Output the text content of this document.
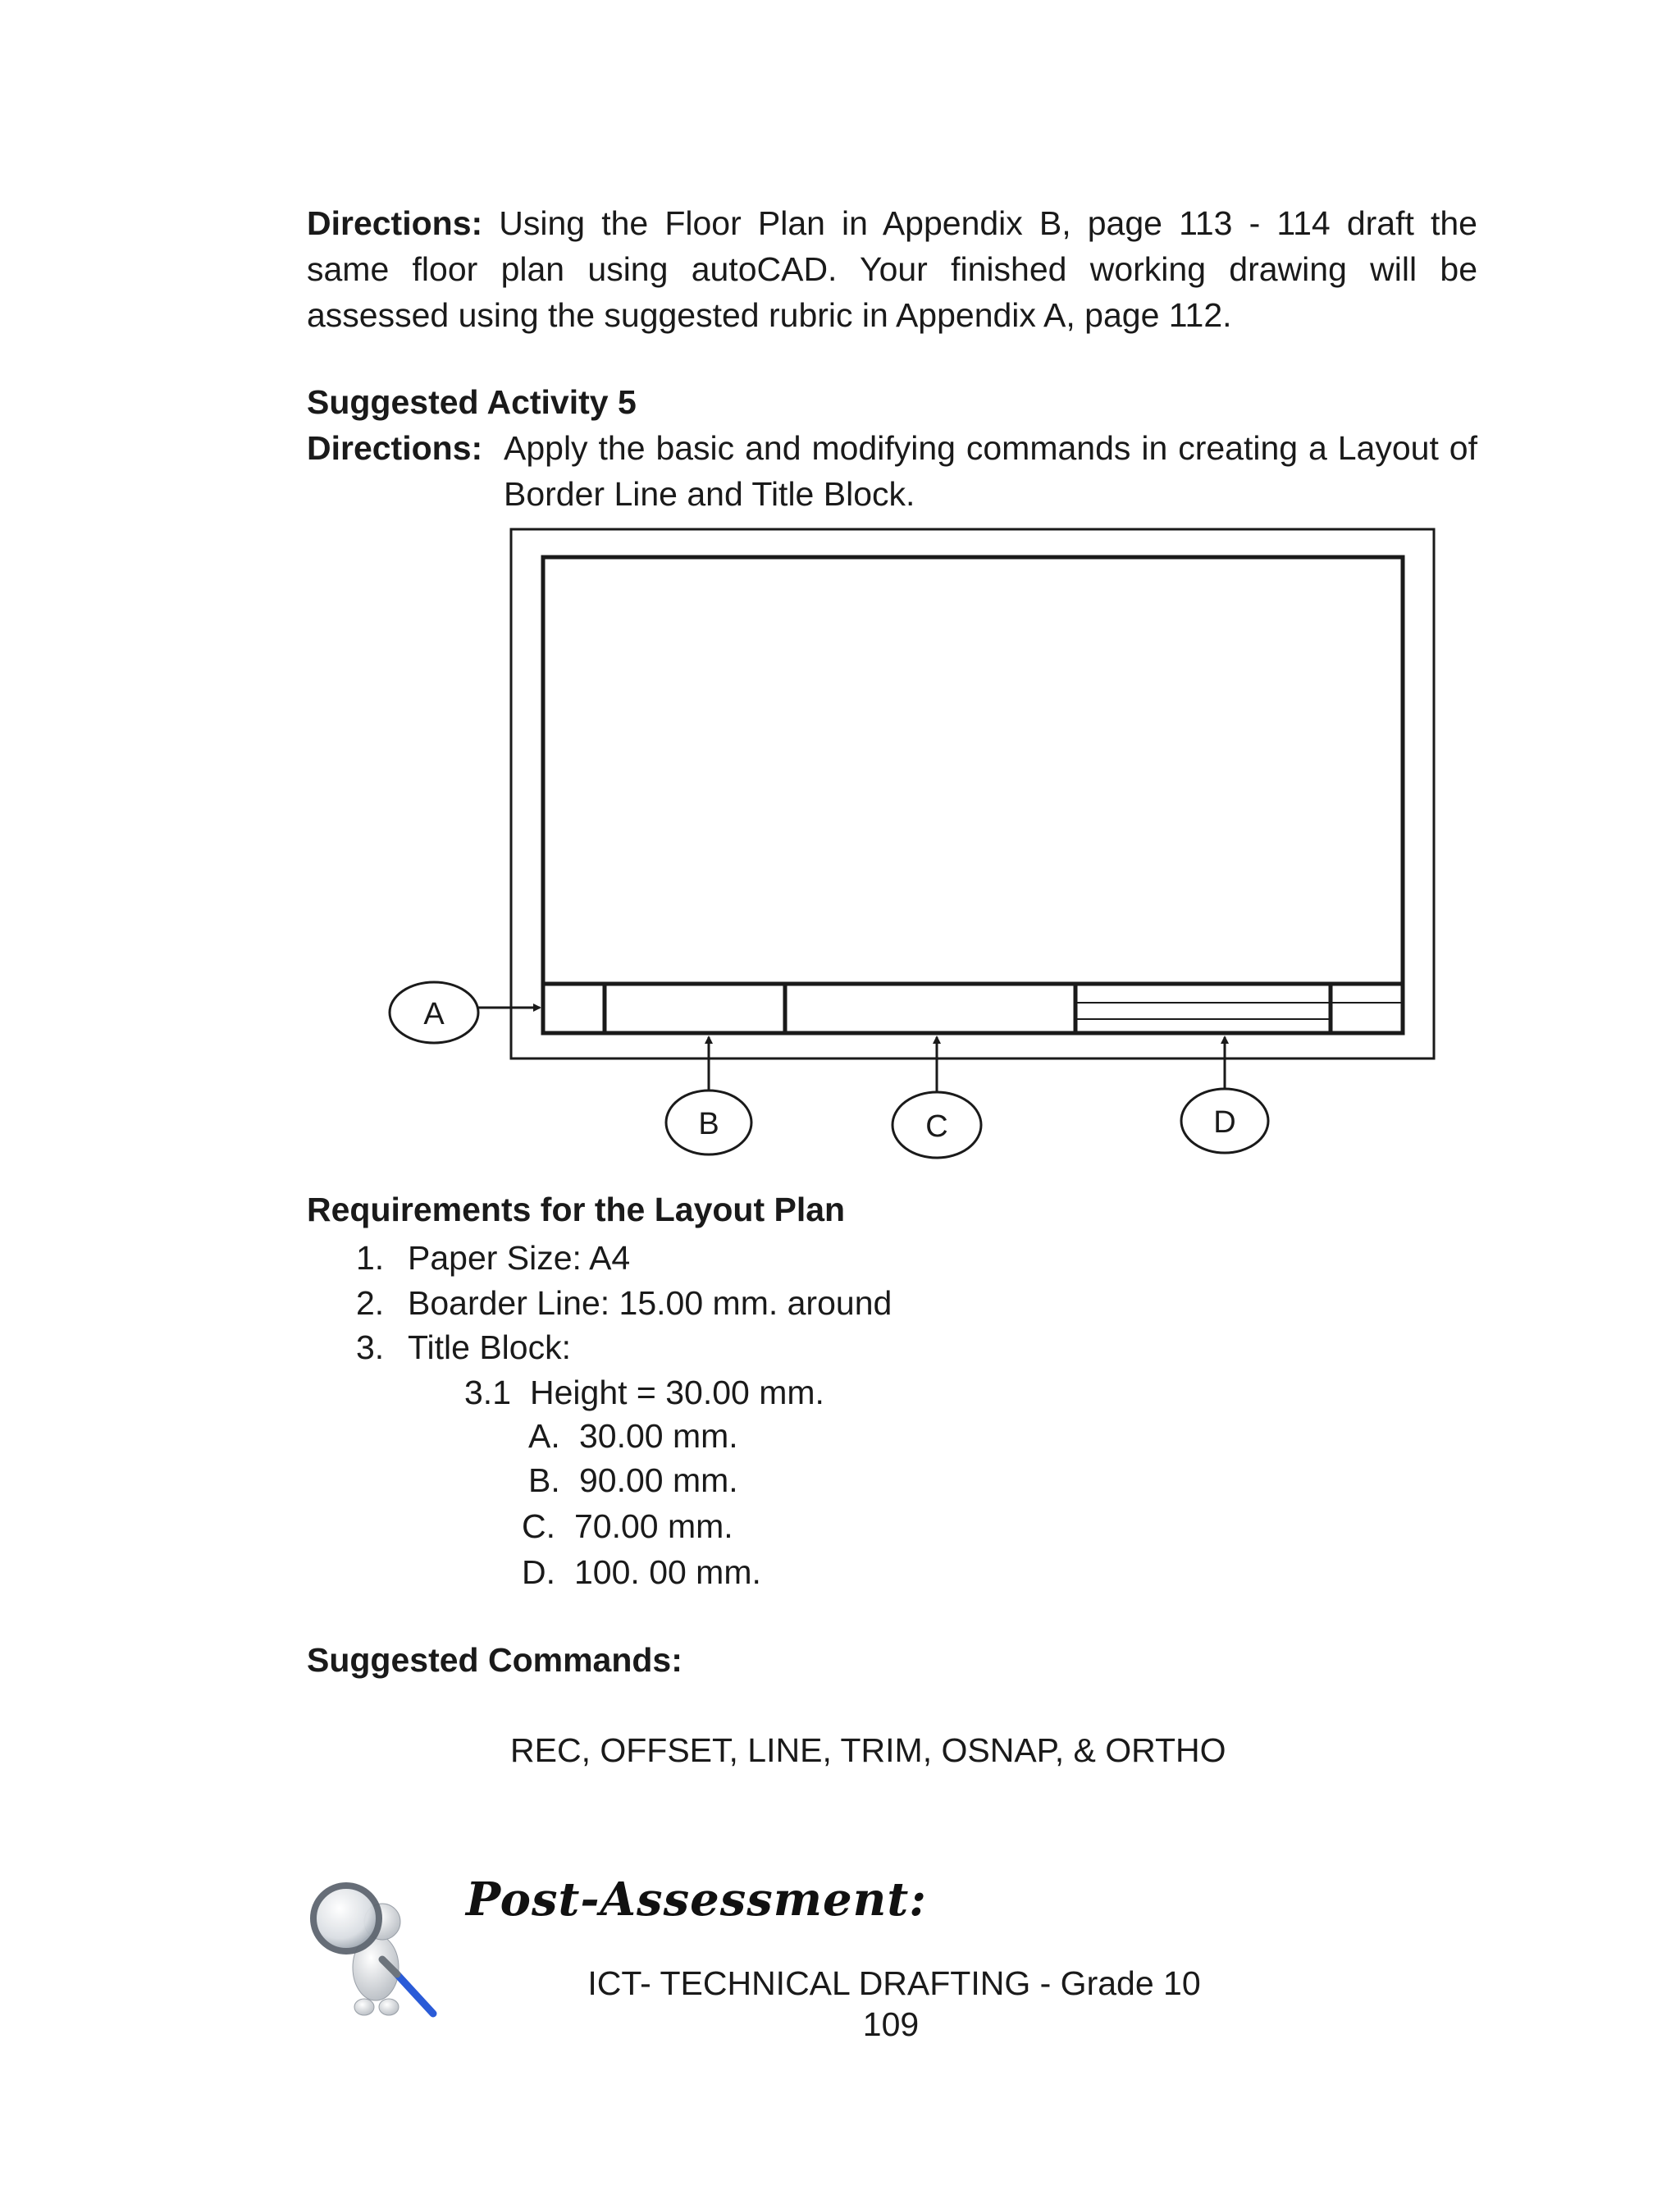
Directions: Using the Floor Plan in Appendix B, page 113 - 114 draft the
same floor plan using autoCAD. Your finished working drawing will be
assessed using the suggested rubric in Appendix A, page 112.
Suggested Activity 5
Directions: Apply the basic and modifying commands in creating a Layout of
Border Line and Title Block.
A
B	C	D
Requirements for the Layout Plan
1. Paper Size: A4
2. Boarder Line: 15.00 mm. around
3. Title Block:
3.1 Height = 30.00 mm.
A. 30.00 mm.
B. 90.00 mm.
C. 70.00 mm.
D. 100. 00 mm.
Suggested Commands:
REC, OFFSET, LINE, TRIM, OSNAP, & ORTHO
Post-Assessment:
ICT- TECHNICAL DRAFTING - Grade 10
109
